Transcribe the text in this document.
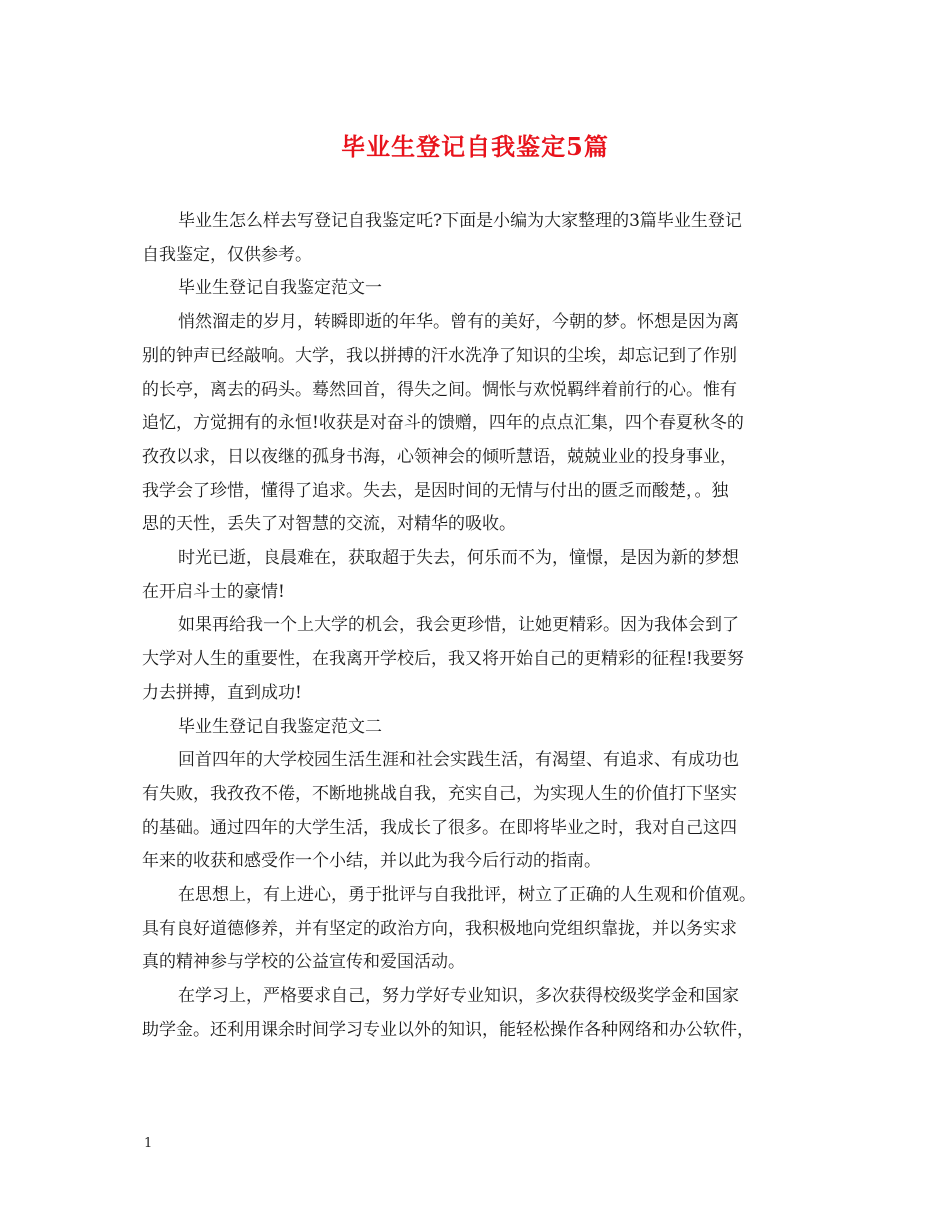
毕业生登记自我鉴定5篇

毕业生怎么样去写登记自我鉴定吒?下面是小编为大家整理的3篇毕业生登记
自我鉴定，仅供参考。

毕业生登记自我鉴定范文一

悄然溜走的岁月，转瞬即逝的年华。曾有的美好，今朝的梦。怀想是因为离
别的钟声已经敲响。大学，我以拼搏的汗水洗净了知识的尘埃，却忘记到了作别
的长亭，离去的码头。蓦然回首，得失之间。惆怅与欢悦羁绊着前行的心。惟有
追忆，方觉拥有的永恒!收获是对奋斗的馈赠，四年的点点汇集，四个春夏秋冬的
孜孜以求，日以夜继的孤身书海，心领神会的倾听慧语，兢兢业业的投身事业，
我学会了珍惜，懂得了追求。失去，是因时间的无情与付出的匮乏而酸楚，。独
思的天性，丢失了对智慧的交流，对精华的吸收。

时光已逝，良晨难在，获取超于失去，何乐而不为，憧憬，是因为新的梦想
在开启斗士的豪情!

如果再给我一个上大学的机会，我会更珍惜，让她更精彩。因为我体会到了
大学对人生的重要性，在我离开学校后，我又将开始自己的更精彩的征程!我要努
力去拼搏，直到成功!

毕业生登记自我鉴定范文二

回首四年的大学校园生活生涯和社会实践生活，有渴望、有追求、有成功也
有失败，我孜孜不倦，不断地挑战自我，充实自己，为实现人生的价值打下坚实
的基础。通过四年的大学生活，我成长了很多。在即将毕业之时，我对自己这四
年来的收获和感受作一个小结，并以此为我今后行动的指南。

在思想上，有上进心，勇于批评与自我批评，树立了正确的人生观和价值观。
具有良好道德修养，并有坚定的政治方向，我积极地向党组织靠拢，并以务实求
真的精神参与学校的公益宣传和爱国活动。

在学习上，严格要求自己，努力学好专业知识，多次获得校级奖学金和国家
助学金。还利用课余时间学习专业以外的知识，能轻松操作各种网络和办公软件，

1
